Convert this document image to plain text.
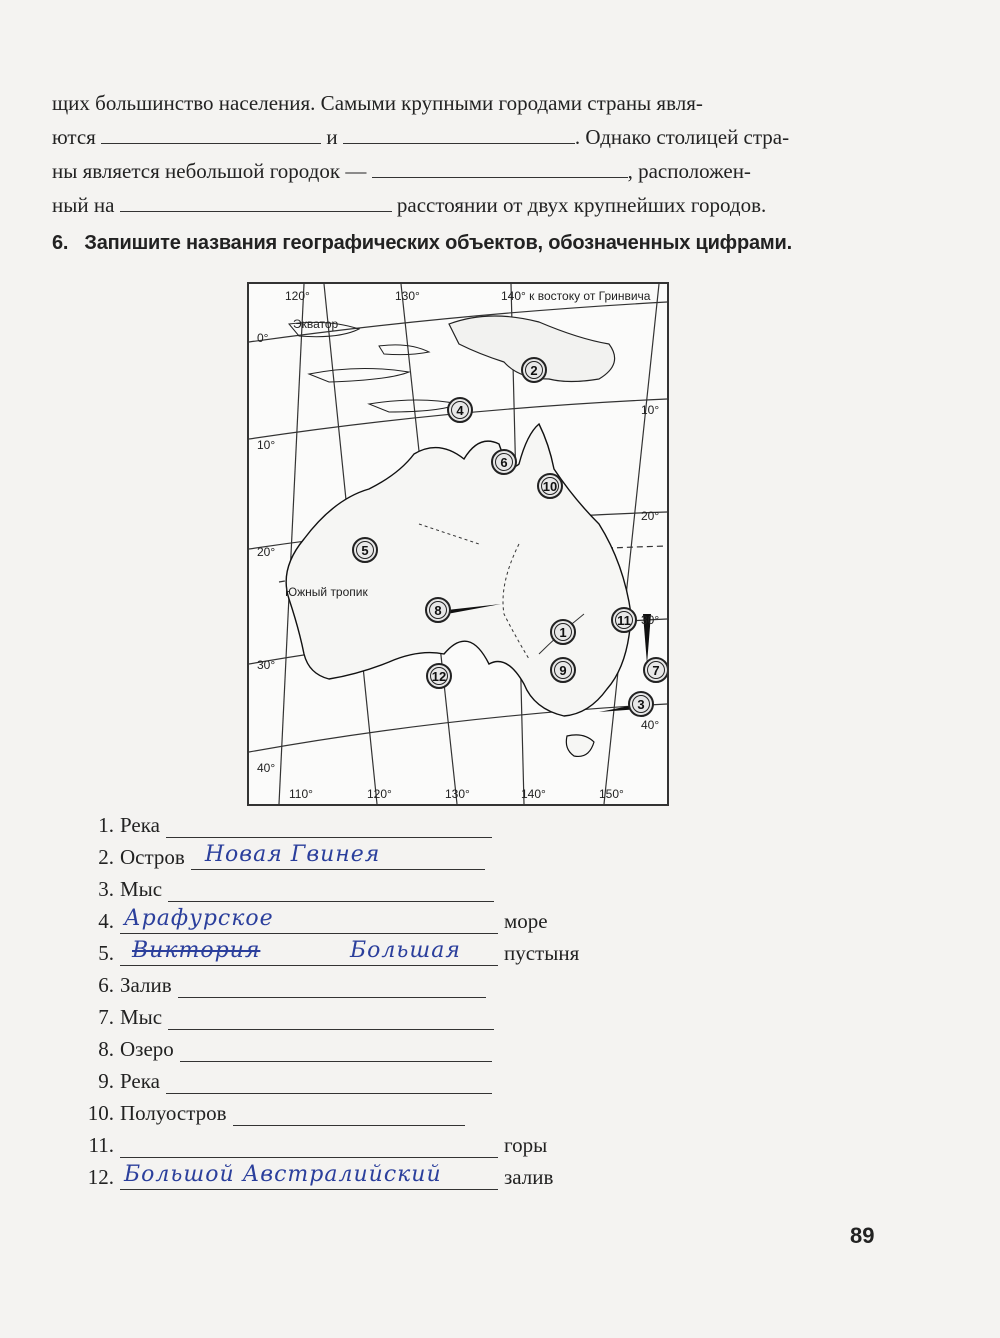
щих большинство населения. Самыми крупными городами страны явля-
ются	и	. Однако столицей стра-
ны является небольшой городок —	, расположен-
ный на	расстоянии от двух крупнейших городов.
6. Запишите названия географических объектов, обозначенных цифрами.
120°	130°	140° к востоку от Гринвича
110°	120°	130°	140°	150°
0°
10°
20°
30°
40°
10°
20°
30°
40°
Экватор
Южный тропик
1
2
3
4
5
6
7
8
9
10
11
12
1. Река
2. Остров Новая Гвинея
3. Мыс
4. Арафурское	море
5. Виктория	Большая пустыня
6. Залив
7. Мыс
8. Озеро
9. Река
10. Полуостров
11.	горы
12. Большой Австралийский	залив
89
